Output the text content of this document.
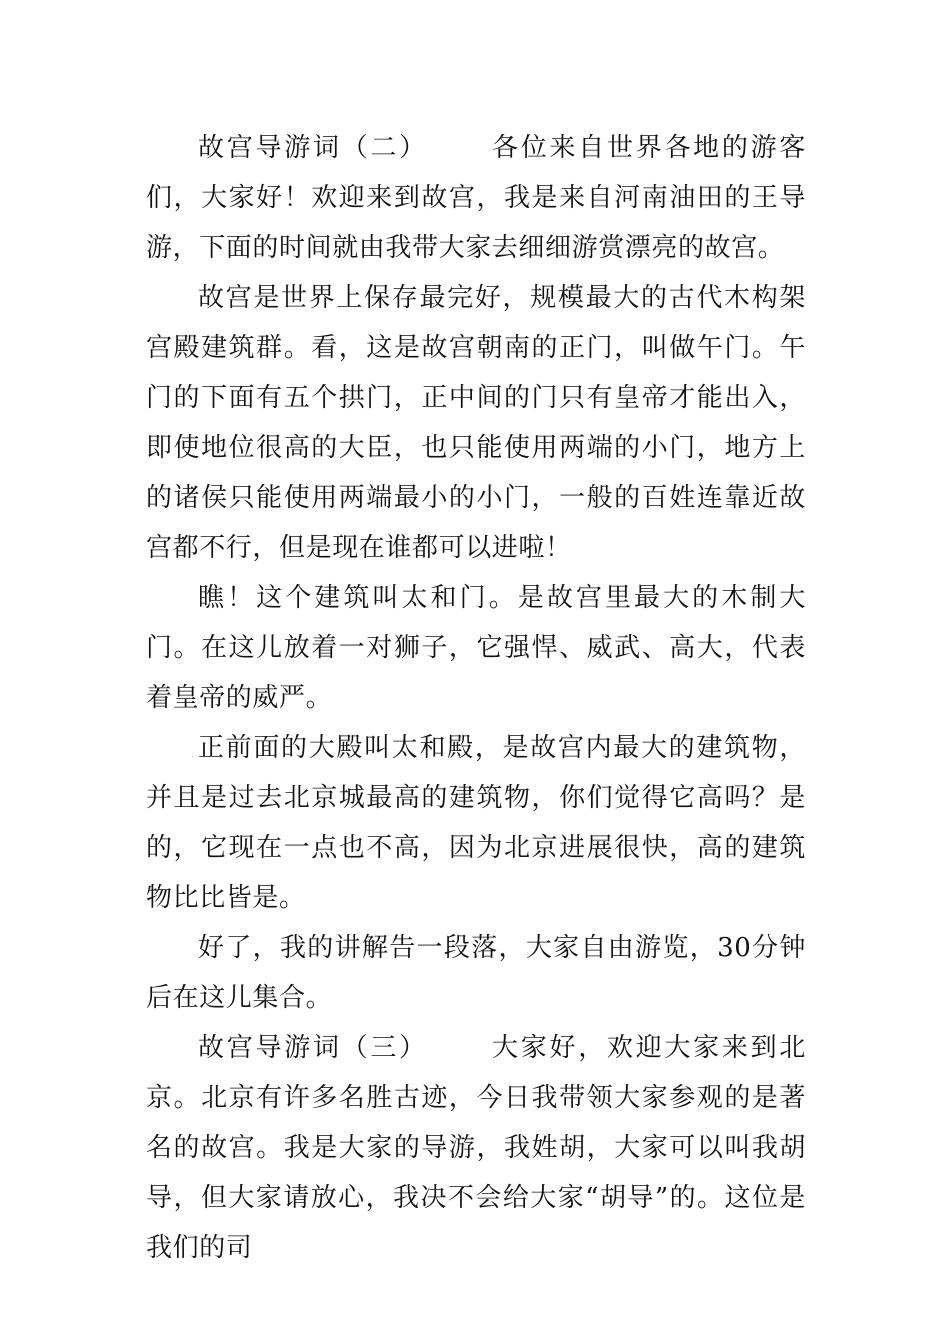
故宫导游词（二） 各位来自世界各地的游客们，大家好！欢迎来到故宫，我是来自河南油田的王导游，下面的时间就由我带大家去细细游赏漂亮的故宫。

故宫是世界上保存最完好，规模最大的古代木构架宫殿建筑群。看，这是故宫朝南的正门，叫做午门。午门的下面有五个拱门，正中间的门只有皇帝才能出入，即使地位很高的大臣，也只能使用两端的小门，地方上的诸侯只能使用两端最小的小门，一般的百姓连靠近故宫都不行，但是现在谁都可以进啦！

瞧！这个建筑叫太和门。是故宫里最大的木制大门。在这儿放着一对狮子，它强悍、威武、高大，代表着皇帝的威严。

正前面的大殿叫太和殿，是故宫内最大的建筑物，并且是过去北京城最高的建筑物，你们觉得它高吗？是的，它现在一点也不高，因为北京进展很快，高的建筑物比比皆是。

好了，我的讲解告一段落，大家自由游览，30分钟后在这儿集合。

故宫导游词（三） 大家好，欢迎大家来到北京。北京有许多名胜古迹，今日我带领大家参观的是著名的故宫。我是大家的导游，我姓胡，大家可以叫我胡导，但大家请放心，我决不会给大家“胡导”的。这位是我们的司
